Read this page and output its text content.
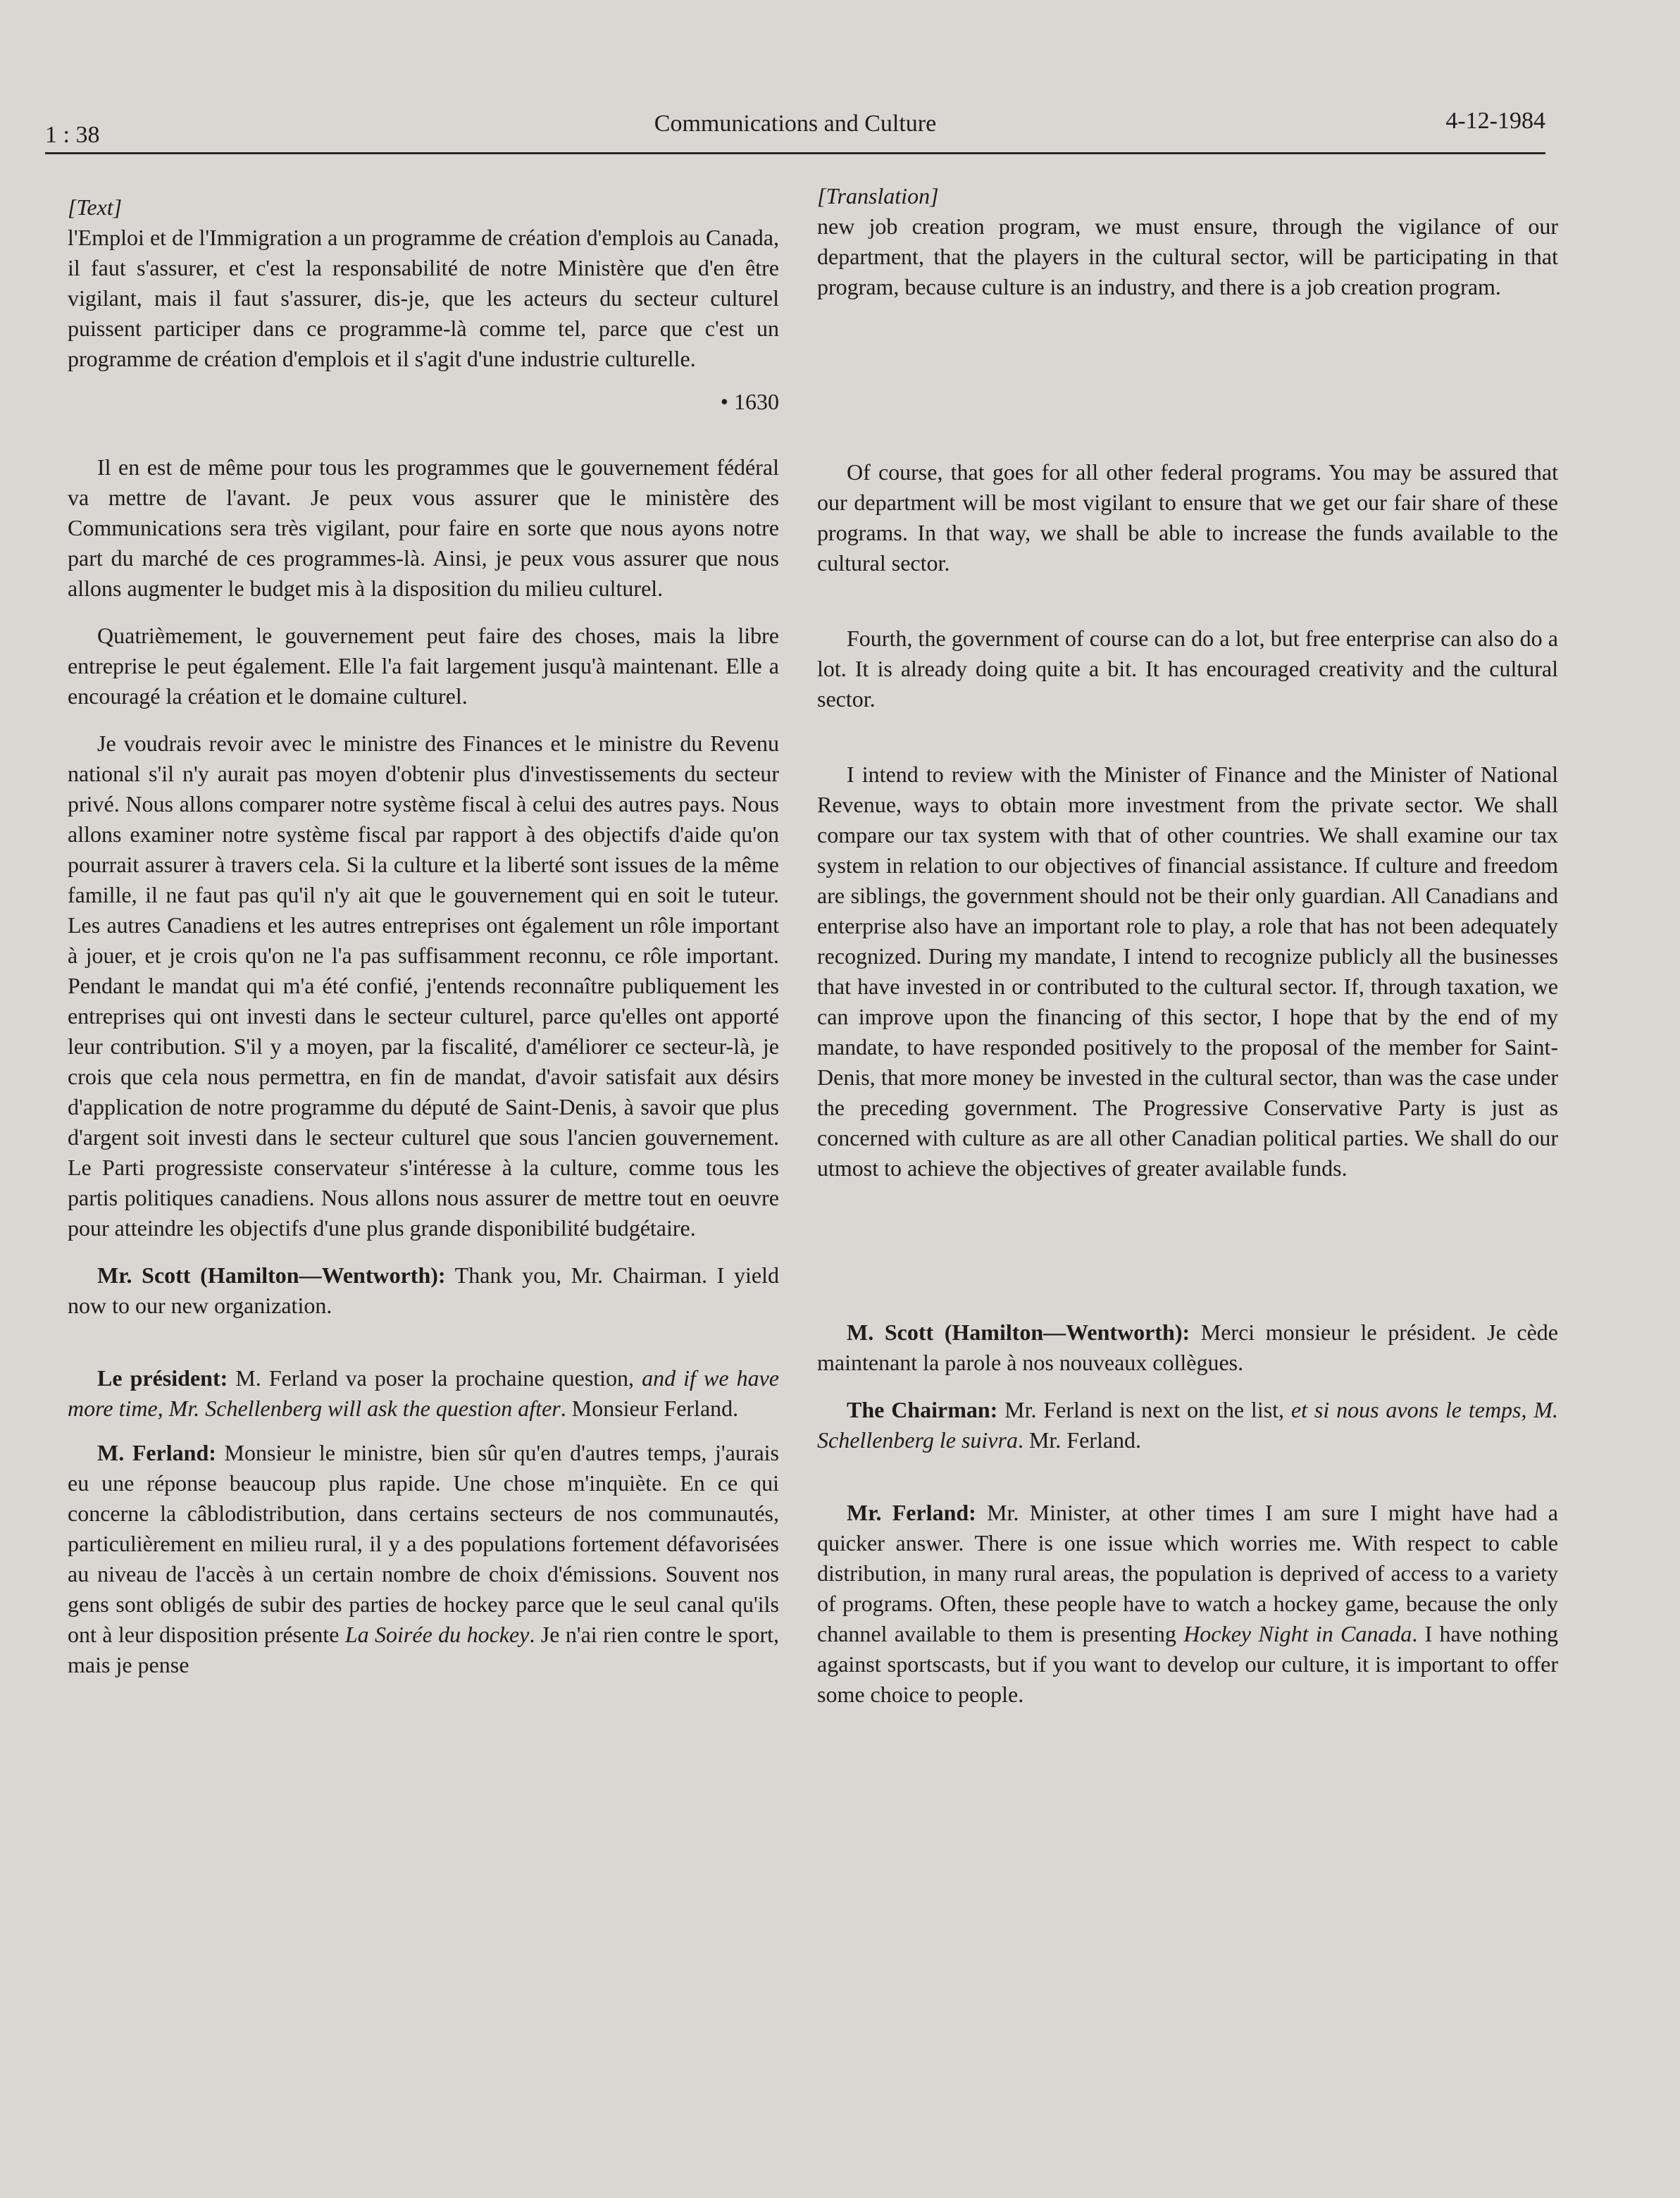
1 : 38	Communications and Culture	4-12-1984

[Text]

l'Emploi et de l'Immigration a un programme de création d'emplois au Canada, il faut s'assurer, et c'est la responsabilité de notre Ministère que d'en être vigilant, mais il faut s'assurer, dis-je, que les acteurs du secteur culturel puissent participer dans ce programme-là comme tel, parce que c'est un programme de création d'emplois et il s'agit d'une industrie culturelle.

• 1630

Il en est de même pour tous les programmes que le gouvernement fédéral va mettre de l'avant. Je peux vous assurer que le ministère des Communications sera très vigilant, pour faire en sorte que nous ayons notre part du marché de ces programmes-là. Ainsi, je peux vous assurer que nous allons augmenter le budget mis à la disposition du milieu culturel.

Quatrièmement, le gouvernement peut faire des choses, mais la libre entreprise le peut également. Elle l'a fait largement jusqu'à maintenant. Elle a encouragé la création et le domaine culturel.

Je voudrais revoir avec le ministre des Finances et le ministre du Revenu national s'il n'y aurait pas moyen d'obtenir plus d'investissements du secteur privé. Nous allons comparer notre système fiscal à celui des autres pays. Nous allons examiner notre système fiscal par rapport à des objectifs d'aide qu'on pourrait assurer à travers cela. Si la culture et la liberté sont issues de la même famille, il ne faut pas qu'il n'y ait que le gouvernement qui en soit le tuteur. Les autres Canadiens et les autres entreprises ont également un rôle important à jouer, et je crois qu'on ne l'a pas suffisamment reconnu, ce rôle important. Pendant le mandat qui m'a été confié, j'entends reconnaître publiquement les entreprises qui ont investi dans le secteur culturel, parce qu'elles ont apporté leur contribution. S'il y a moyen, par la fiscalité, d'améliorer ce secteur-là, je crois que cela nous permettra, en fin de mandat, d'avoir satisfait aux désirs d'application de notre programme du député de Saint-Denis, à savoir que plus d'argent soit investi dans le secteur culturel que sous l'ancien gouvernement. Le Parti progressiste conservateur s'intéresse à la culture, comme tous les partis politiques canadiens. Nous allons nous assurer de mettre tout en oeuvre pour atteindre les objectifs d'une plus grande disponibilité budgétaire.

Mr. Scott (Hamilton—Wentworth): Thank you, Mr. Chairman. I yield now to our new organization.

Le président: M. Ferland va poser la prochaine question, and if we have more time, Mr. Schellenberg will ask the question after. Monsieur Ferland.

M. Ferland: Monsieur le ministre, bien sûr qu'en d'autres temps, j'aurais eu une réponse beaucoup plus rapide. Une chose m'inquiète. En ce qui concerne la câblodistribution, dans certains secteurs de nos communautés, particulièrement en milieu rural, il y a des populations fortement défavorisées au niveau de l'accès à un certain nombre de choix d'émissions. Souvent nos gens sont obligés de subir des parties de hockey parce que le seul canal qu'ils ont à leur disposition présente La Soirée du hockey. Je n'ai rien contre le sport, mais je pense

[Translation]

new job creation program, we must ensure, through the vigilance of our department, that the players in the cultural sector, will be participating in that program, because culture is an industry, and there is a job creation program.

Of course, that goes for all other federal programs. You may be assured that our department will be most vigilant to ensure that we get our fair share of these programs. In that way, we shall be able to increase the funds available to the cultural sector.

Fourth, the government of course can do a lot, but free enterprise can also do a lot. It is already doing quite a bit. It has encouraged creativity and the cultural sector.

I intend to review with the Minister of Finance and the Minister of National Revenue, ways to obtain more investment from the private sector. We shall compare our tax system with that of other countries. We shall examine our tax system in relation to our objectives of financial assistance. If culture and freedom are siblings, the government should not be their only guardian. All Canadians and enterprise also have an important role to play, a role that has not been adequately recognized. During my mandate, I intend to recognize publicly all the businesses that have invested in or contributed to the cultural sector. If, through taxation, we can improve upon the financing of this sector, I hope that by the end of my mandate, to have responded positively to the proposal of the member for Saint-Denis, that more money be invested in the cultural sector, than was the case under the preceding government. The Progressive Conservative Party is just as concerned with culture as are all other Canadian political parties. We shall do our utmost to achieve the objectives of greater available funds.

M. Scott (Hamilton—Wentworth): Merci monsieur le président. Je cède maintenant la parole à nos nouveaux collègues.

The Chairman: Mr. Ferland is next on the list, et si nous avons le temps, M. Schellenberg le suivra. Mr. Ferland.

Mr. Ferland: Mr. Minister, at other times I am sure I might have had a quicker answer. There is one issue which worries me. With respect to cable distribution, in many rural areas, the population is deprived of access to a variety of programs. Often, these people have to watch a hockey game, because the only channel available to them is presenting Hockey Night in Canada. I have nothing against sportscasts, but if you want to develop our culture, it is important to offer some choice to people.
